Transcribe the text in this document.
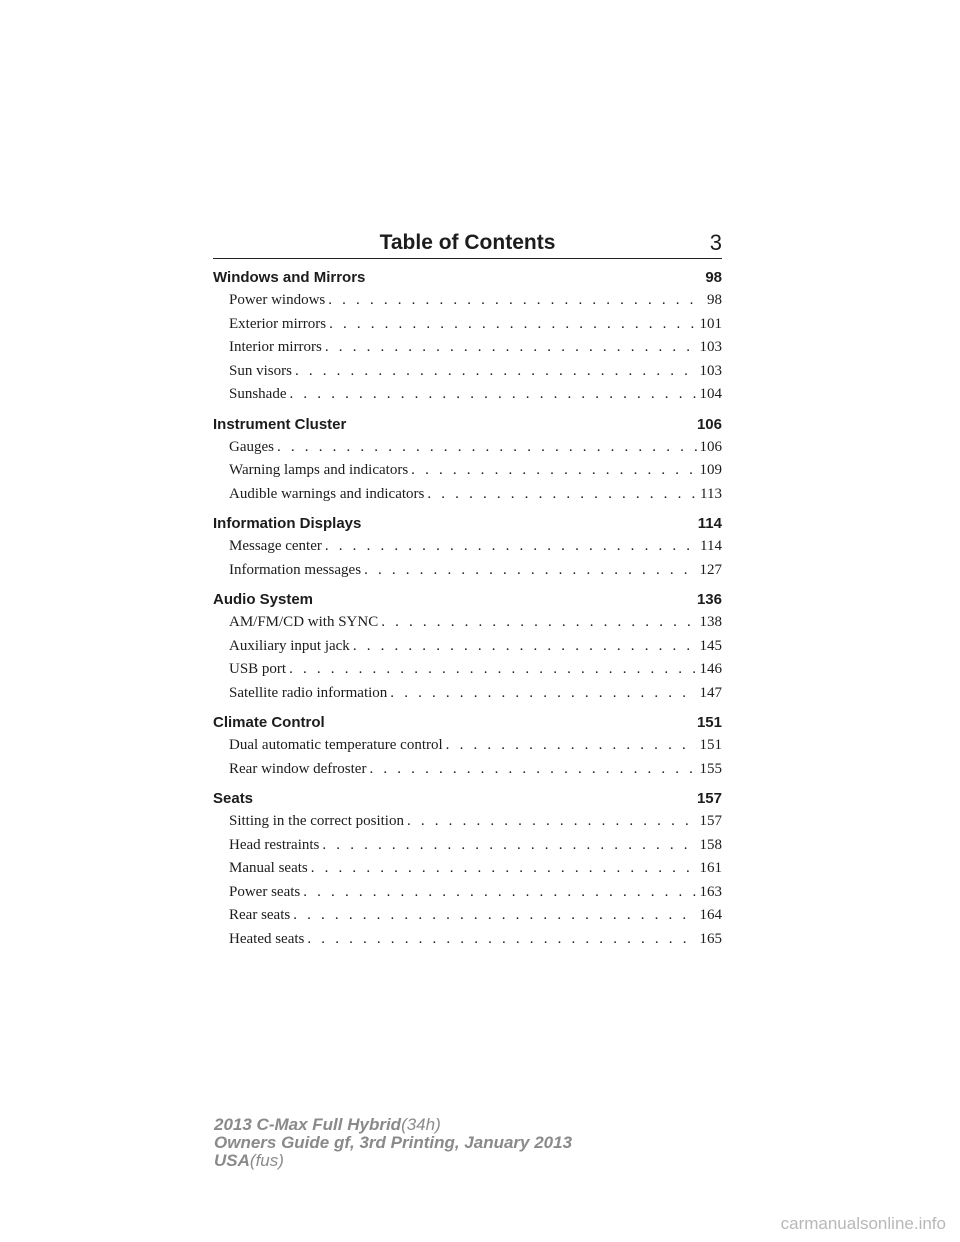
Table of Contents	3
Windows and Mirrors	98
Power windows . . .	98
Exterior mirrors . . .	101
Interior mirrors . . .	103
Sun visors . . .	103
Sunshade . . .	104
Instrument Cluster	106
Gauges . . .	106
Warning lamps and indicators . . .	109
Audible warnings and indicators . . .	113
Information Displays	114
Message center . . .	114
Information messages . . .	127
Audio System	136
AM/FM/CD with SYNC . . .	138
Auxiliary input jack . . .	145
USB port . . .	146
Satellite radio information . . .	147
Climate Control	151
Dual automatic temperature control . . .	151
Rear window defroster . . .	155
Seats	157
Sitting in the correct position . . .	157
Head restraints . . .	158
Manual seats . . .	161
Power seats . . .	163
Rear seats . . .	164
Heated seats . . .	165
2013 C-Max Full Hybrid(34h)
Owners Guide gf, 3rd Printing, January 2013
USA(fus)
carmanualsonline.info
